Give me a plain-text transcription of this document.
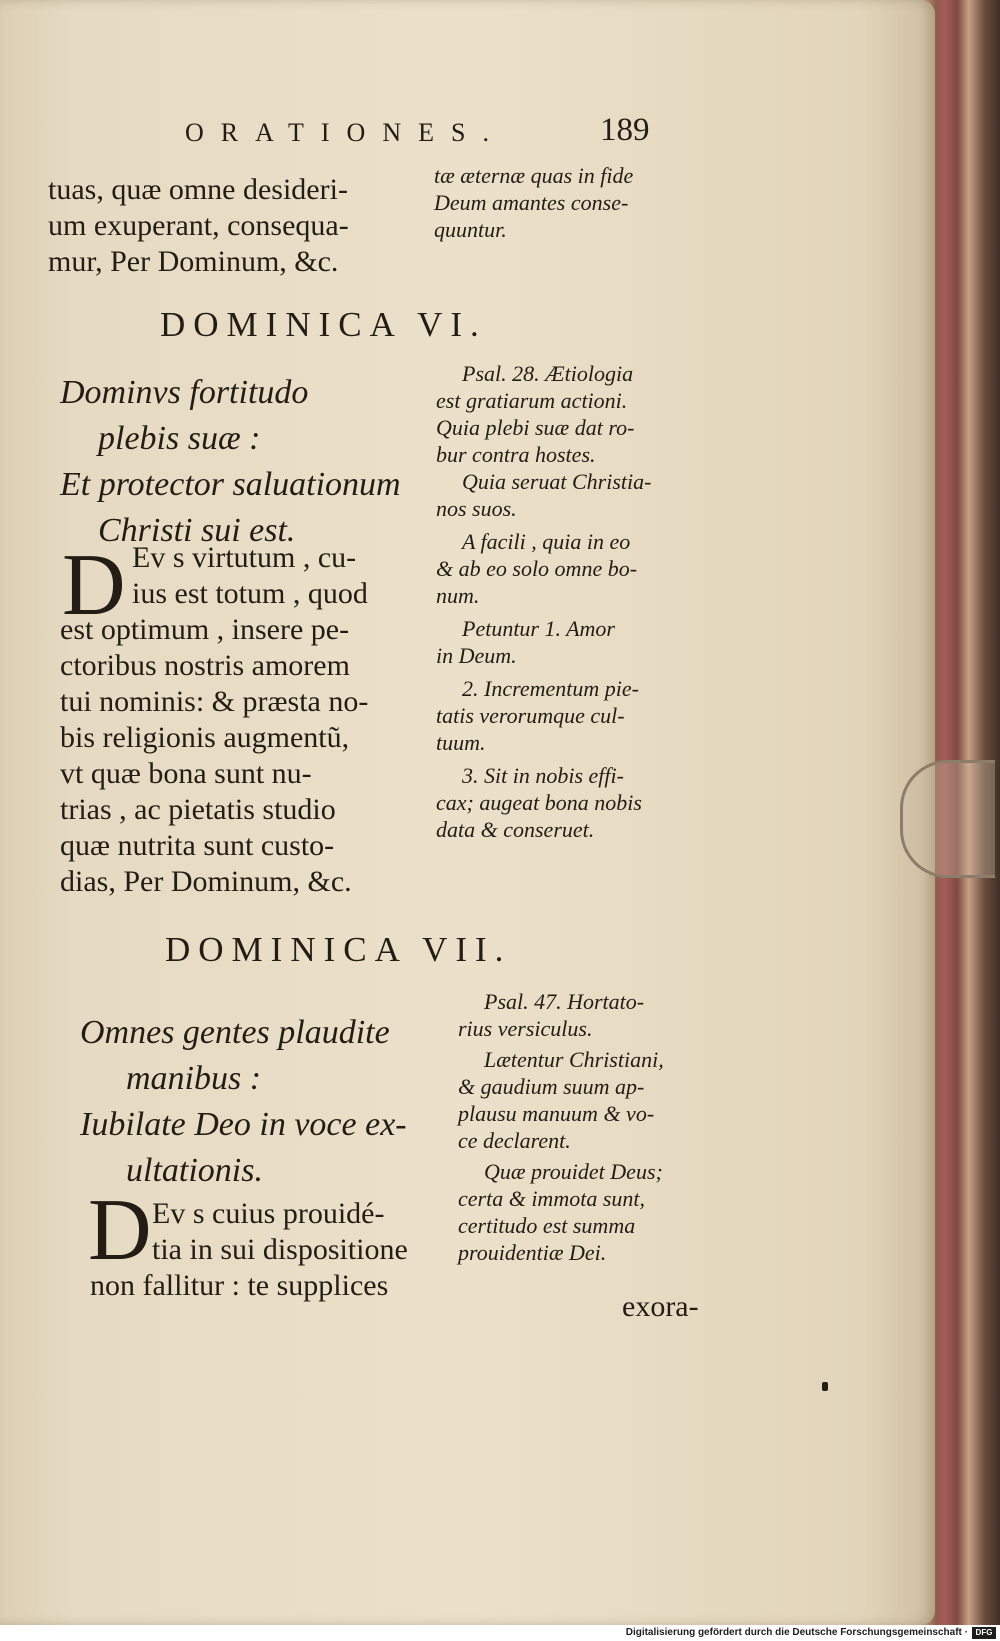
ORATIONES.	189
tuas, quæ omne desideri-
um exuperant, consequa-
mur, Per Dominum, &c.
tæ æternæ quas in fide
Deum amantes conse-
quuntur.
DOMINICA VI.
Dominvs fortitudo
plebis suæ :
Et protector saluationum
Christi sui est.
D Ev s virtutum , cu-
ius est totum , quod
est optimum , insere pe-
ctoribus nostris amorem
tui nominis: & præsta no-
bis religionis augmentũ,
vt quæ bona sunt nu-
trias , ac pietatis studio
quæ nutrita sunt custo-
dias, Per Dominum, &c.
Psal. 28. Ætiologia
est gratiarum actioni.
Quia plebi suæ dat ro-
bur contra hostes.
Quia seruat Christia-
nos suos.
A facili , quia in eo
& ab eo solo omne bo-
num.
Petuntur 1. Amor
in Deum.
2. Incrementum pie-
tatis verorumque cul-
tuum.
3. Sit in nobis effi-
cax; augeat bona nobis
data & conseruet.
DOMINICA VII.
Omnes gentes plaudite
manibus :
Iubilate Deo in voce ex-
ultationis.
D Ev s cuius prouidé-
tia in sui dispositione
non fallitur : te supplices
Psal. 47. Hortato-
rius versiculus.
Lætentur Christiani,
& gaudium suum ap-
plausu manuum & vo-
ce declarent.
Quæ prouidet Deus;
certa & immota sunt,
certitudo est summa
prouidentiæ Dei.
exora-
Digitalisierung gefördert durch die Deutsche Forschungsgemeinschaft · DFG
